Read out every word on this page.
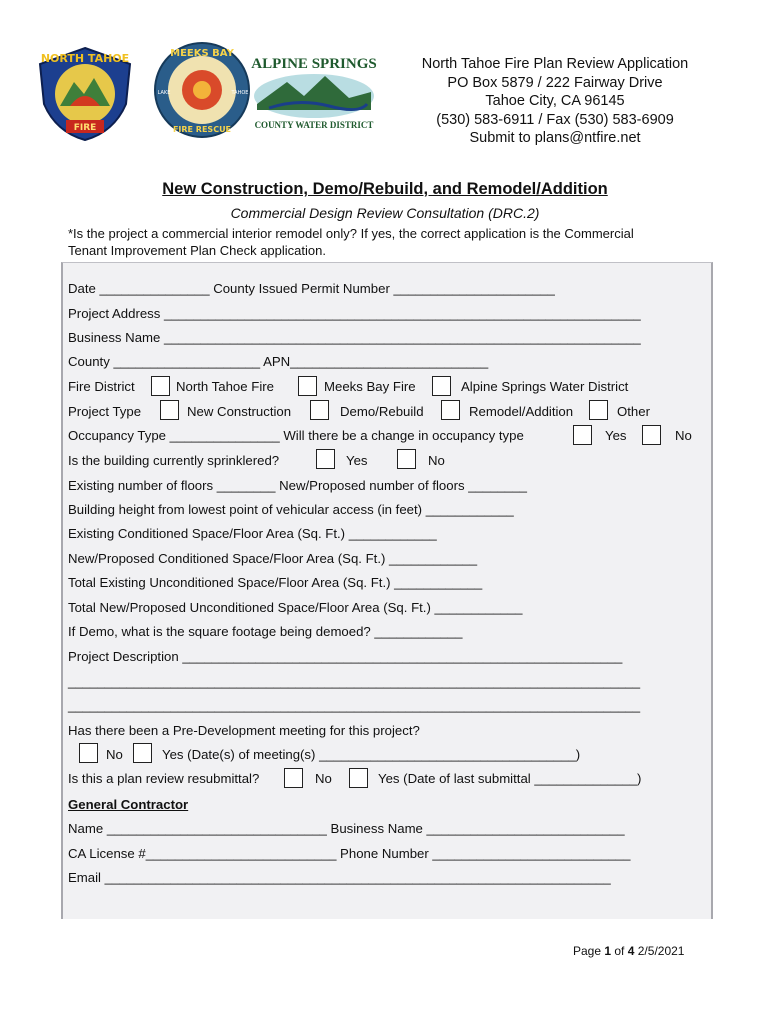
NORTH TAHOE
FIRE
MEEKS BAY
FIRE RESCUE
LAKE	TAHOE
ALPINE SPRINGS
COUNTY WATER DISTRICT
North Tahoe Fire Plan Review Application
PO Box 5879 / 222 Fairway Drive
Tahoe City, CA 96145
(530) 583-6911 / Fax (530) 583-6909
Submit to plans@ntfire.net
New Construction, Demo/Rebuild, and Remodel/Addition
Commercial Design Review Consultation (DRC.2)
*Is the project a commercial interior remodel only? If yes, the correct application is the Commercial
Tenant Improvement Plan Check application.
Date _______________ County Issued Permit Number ______________________
Project Address _________________________________________________________________
Business Name _________________________________________________________________
County ____________________ APN___________________________
Fire District	North Tahoe Fire	Meeks Bay Fire	Alpine Springs Water District
Project Type	New Construction	Demo/Rebuild	Remodel/Addition	Other
Occupancy Type _______________ Will there be a change in occupancy type	Yes	No
Is the building currently sprinklered?	Yes	No
Existing number of floors ________ New/Proposed number of floors ________
Building height from lowest point of vehicular access (in feet) ____________
Existing Conditioned Space/Floor Area (Sq. Ft.) ____________
New/Proposed Conditioned Space/Floor Area (Sq. Ft.) ____________
Total Existing Unconditioned Space/Floor Area (Sq. Ft.) ____________
Total New/Proposed Unconditioned Space/Floor Area (Sq. Ft.) ____________
If Demo, what is the square footage being demoed? ____________
Project Description ____________________________________________________________
______________________________________________________________________________
______________________________________________________________________________
Has there been a Pre-Development meeting for this project?
No	Yes (Date(s) of meeting(s) ___________________________________)
Is this a plan review resubmittal?	No	Yes (Date of last submittal ______________)
General Contractor
Name ______________________________ Business Name ___________________________
CA License #__________________________ Phone Number ___________________________
Email _____________________________________________________________________
Page 1 of 4 2/5/2021
